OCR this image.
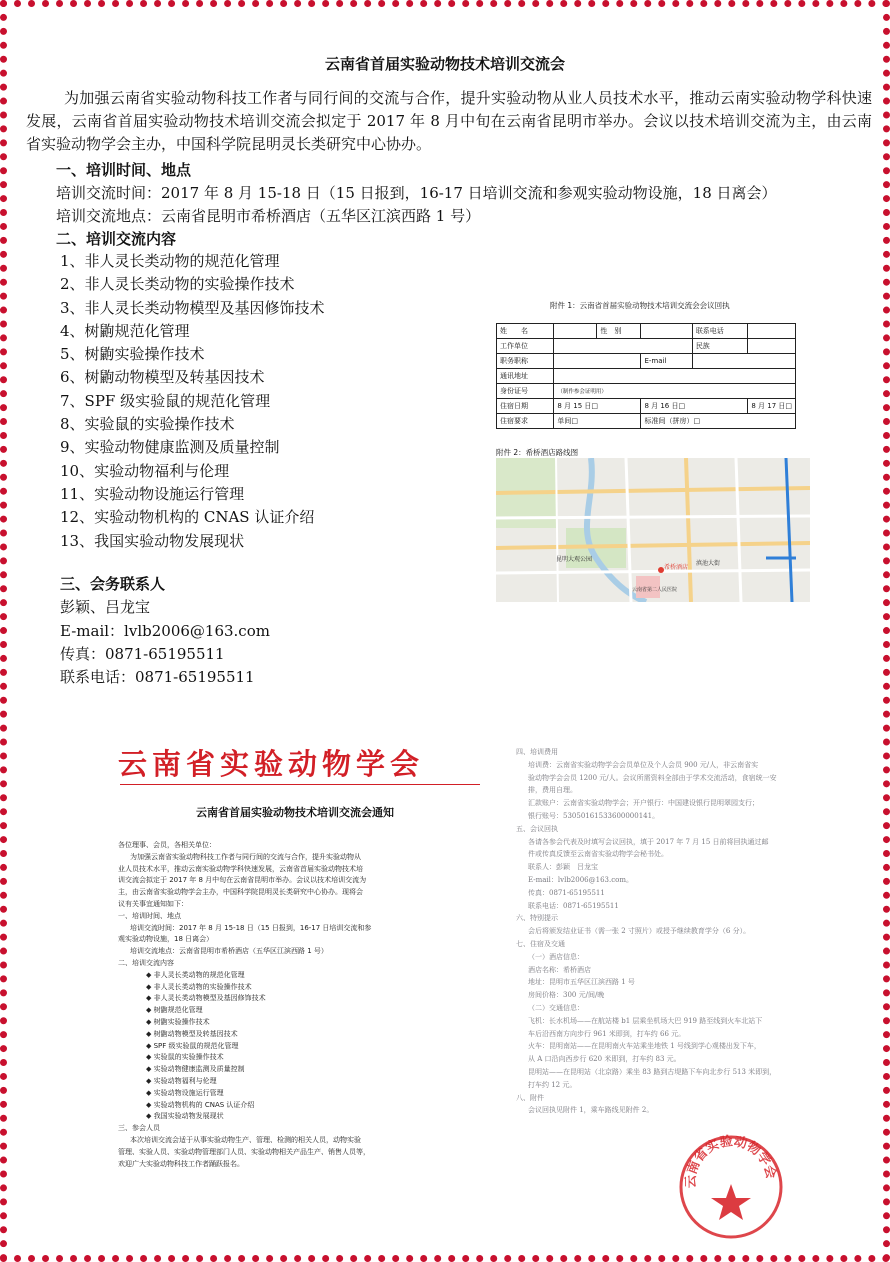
云南省首届实验动物技术培训交流会
为加强云南省实验动物科技工作者与同行间的交流与合作，提升实验动物从业人员技术水平，推动云南实验动物学科快速发展，云南省首届实验动物技术培训交流会拟定于 2017 年 8 月中旬在云南省昆明市举办。会议以技术培训交流为主，由云南省实验动物学会主办，中国科学院昆明灵长类研究中心协办。
一、培训时间、地点
培训交流时间：2017 年 8 月 15-18 日（15 日报到，16-17 日培训交流和参观实验动物设施，18 日离会）
培训交流地点：云南省昆明市希桥酒店（五华区江滨西路 1 号）
二、培训交流内容
1、非人灵长类动物的规范化管理
2、非人灵长类动物的实验操作技术
3、非人灵长类动物模型及基因修饰技术
4、树鼩规范化管理
5、树鼩实验操作技术
6、树鼩动物模型及转基因技术
7、SPF 级实验鼠的规范化管理
8、实验鼠的实验操作技术
9、实验动物健康监测及质量控制
10、实验动物福利与伦理
11、实验动物设施运行管理
12、实验动物机构的 CNAS 认证介绍
13、我国实验动物发展现状
三、会务联系人
彭颖、吕龙宝
E-mail：lvlb2006@163.com
传真：0871-65195511
联系电话：0871-65195511
附件 1：云南省首届实验动物技术培训交流会会议回执
姓　　名		性　别		联系电话	
工作单位				民族	
职务职称			E-mail		
通讯地址					
身份证号	（制作参会证明用）				
住宿日期	8 月 15 日□		8 月 16 日□		8 月 17 日□
住宿要求	单间□		标准间（拼房）□		
附件 2：希桥酒店路线图
昆明大观公园
滇池大街
云南省第二人民医院
希桥酒店
云南省实验动物学会
云南省首届实验动物技术培训交流会通知
各位理事、会员，各相关单位：
为加强云南省实验动物科技工作者与同行间的交流与合作，提升实验动物从
业人员技术水平，推动云南实验动物学科快速发展，云南省首届实验动物技术培
训交流会拟定于 2017 年 8 月中旬在云南省昆明市举办。会议以技术培训交流为
主，由云南省实验动物学会主办，中国科学院昆明灵长类研究中心协办。现将会
议有关事宜通知如下：
一、培训时间、地点
培训交流时间：2017 年 8 月 15-18 日（15 日报到，16-17 日培训交流和参
观实验动物设施，18 日离会）
培训交流地点：云南省昆明市希桥酒店（五华区江滨西路 1 号）
二、培训交流内容
◆ 非人灵长类动物的规范化管理
◆ 非人灵长类动物的实验操作技术
◆ 非人灵长类动物模型及基因修饰技术
◆ 树鼩规范化管理
◆ 树鼩实验操作技术
◆ 树鼩动物模型及转基因技术
◆ SPF 级实验鼠的规范化管理
◆ 实验鼠的实验操作技术
◆ 实验动物健康监测及质量控制
◆ 实验动物福利与伦理
◆ 实验动物设施运行管理
◆ 实验动物机构的 CNAS 认证介绍
◆ 我国实验动物发展现状
三、参会人员
本次培训交流会适于从事实验动物生产、管理、检测的相关人员，动物实验
管理、实验人员、实验动物管理部门人员、实验动物相关产品生产、销售人员等，
欢迎广大实验动物科技工作者踊跃报名。
四、培训费用
培训费：云南省实验动物学会会员单位及个人会员 900 元/人，非云南省实
验动物学会会员 1200 元/人。会议所需资料全部由于学术交流活动，食宿统一安
排，费用自理。
汇款账户：云南省实验动物学会；开户银行：中国建设银行昆明翠园支行；
银行账号：53050161533600000141。
五、会议回执
各请各参会代表及时填写会议回执，填于 2017 年 7 月 15 日前将回执通过邮
件或传真反馈至云南省实验动物学会秘书处。
联系人：彭颖　吕龙宝
E-mail：lvlb2006@163.com。
传真：0871-65195511
联系电话：0871-65195511
六、特别提示
会后将颁发结业证书（需一张 2 寸照片）或授予继续教育学分（6 分）。
七、住宿及交通
（一）酒店信息：
酒店名称：希桥酒店
地址：昆明市五华区江滨西路 1 号
房间价格：300 元/间/晚
（二）交通信息：
飞机：长水机场——在航站楼 b1 层乘坐机场大巴 919 路至线到火车北站下
车后沿西南方向步行 961 米即到，打车约 66 元。
火车：昆明南站——在昆明南火车站乘坐地铁 1 号线到学心观楼出发下车，
从 A 口沿向西步行 620 米即到，打车约 83 元。
昆明站——在昆明站（北京路）乘坐 83 路到古堤路下车向北步行 513 米即到，
打车约 12 元。
八、附件
会议回执见附件 1，乘车路线见附件 2。
云南省实验动物学会
